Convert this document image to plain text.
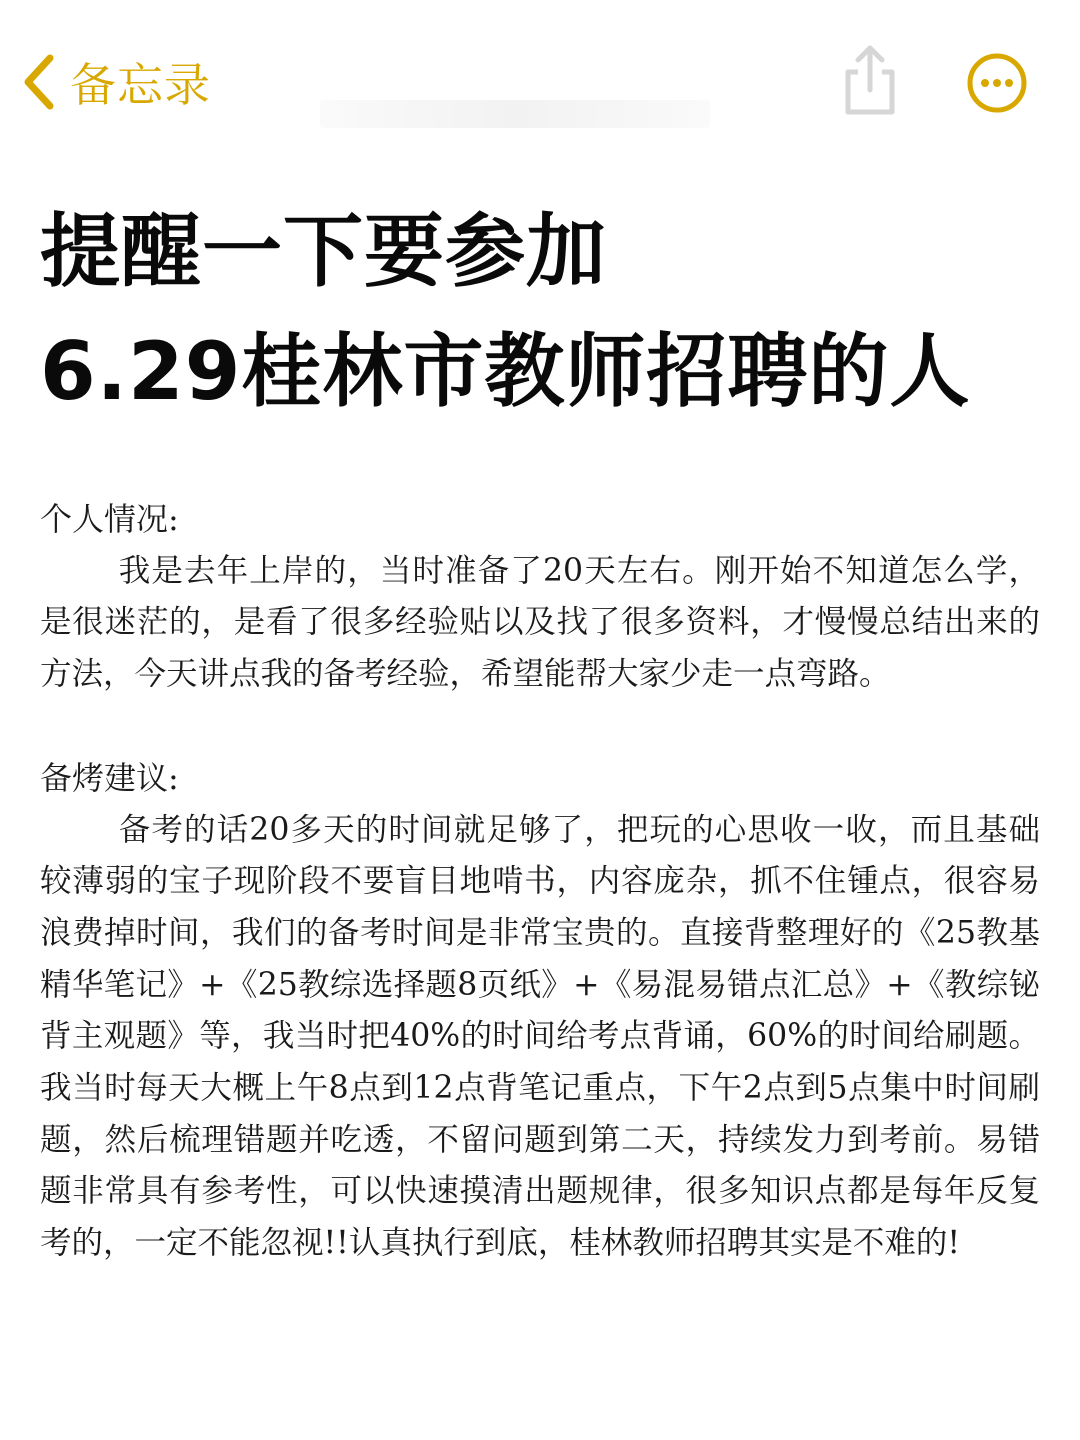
备忘录
提醒一下要参加
6.29桂林市教师招聘的人

个人情况:

我是去年上岸的，当时准备了20天左右。刚开始不知道怎么学，是很迷茫的，是看了很多经验贴以及找了很多资料，才慢慢总结出来的方法，今天讲点我的备考经验，希望能帮大家少走一点弯路。

备烤建议:

备考的话20多天的时间就足够了，把玩的心思收一收，而且基础较薄弱的宝子现阶段不要盲目地啃书，内容庞杂，抓不住锺点，很容易浪费掉时间，我们的备考时间是非常宝贵的。直接背整理好的《25教基精华笔记》+《25教综选择题8页纸》+《易混易错点汇总》+《教综铋背主观题》等，我当时把40%的时间给考点背诵，60%的时间给刷题。我当时每天大概上午8点到12点背笔记重点，下午2点到5点集中时间刷题，然后梳理错题并吃透，不留问题到第二天，持续发力到考前。易错题非常具有参考性，可以快速摸清出题规律，很多知识点都是每年反复考的，一定不能忽视!!认真执行到底，桂林教师招聘其实是不难的!
